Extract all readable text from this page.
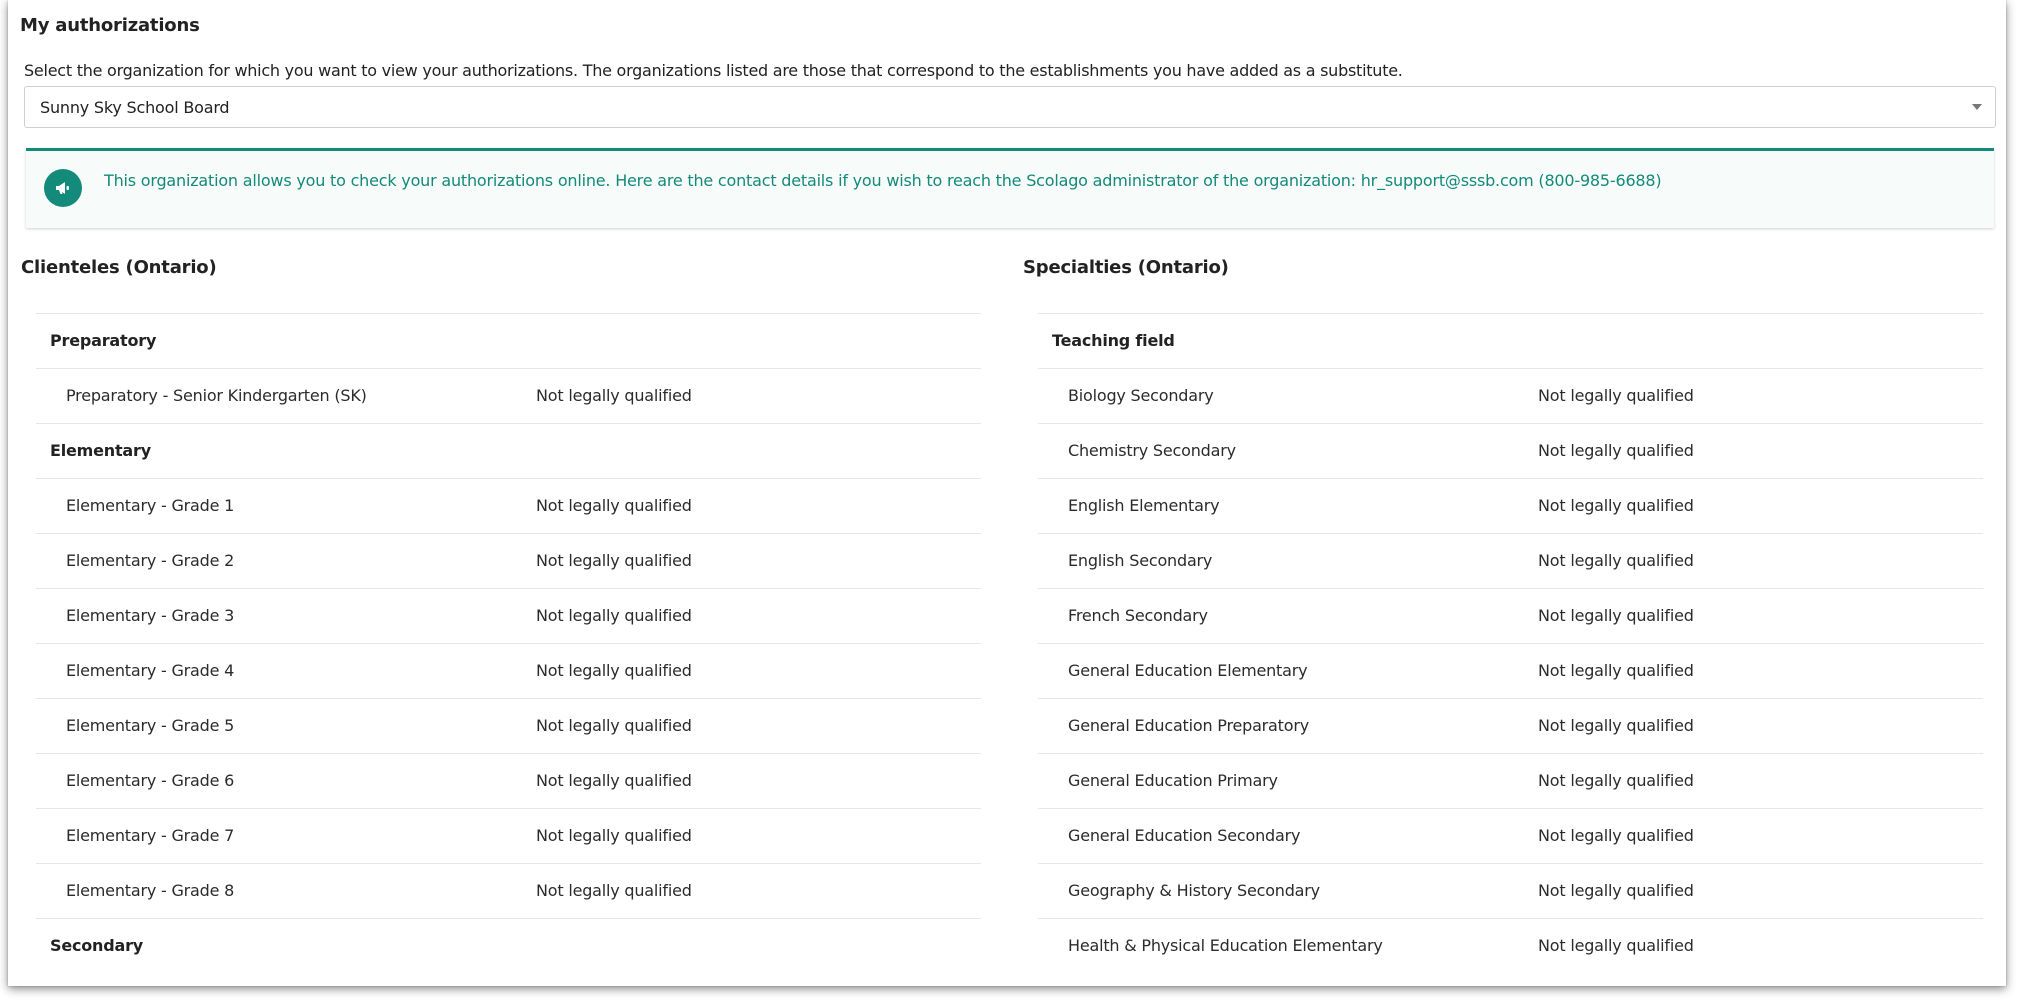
My authorizations

Select the organization for which you want to view your authorizations. The organizations listed are those that correspond to the establishments you have added as a substitute.

Sunny Sky School Board
This organization allows you to check your authorizations online. Here are the contact details if you wish to reach the Scolago administrator of the organization: hr_support@sssb.com (800-985-6688)
Clienteles (Ontario)	Specialties (Ontario)
Preparatory
Preparatory - Senior Kindergarten (SK)	Not legally qualified
Elementary
Elementary - Grade 1	Not legally qualified
Elementary - Grade 2	Not legally qualified
Elementary - Grade 3	Not legally qualified
Elementary - Grade 4	Not legally qualified
Elementary - Grade 5	Not legally qualified
Elementary - Grade 6	Not legally qualified
Elementary - Grade 7	Not legally qualified
Elementary - Grade 8	Not legally qualified
Secondary
Teaching field
Biology Secondary	Not legally qualified
Chemistry Secondary	Not legally qualified
English Elementary	Not legally qualified
English Secondary	Not legally qualified
French Secondary	Not legally qualified
General Education Elementary	Not legally qualified
General Education Preparatory	Not legally qualified
General Education Primary	Not legally qualified
General Education Secondary	Not legally qualified
Geography & History Secondary	Not legally qualified
Health & Physical Education Elementary	Not legally qualified
